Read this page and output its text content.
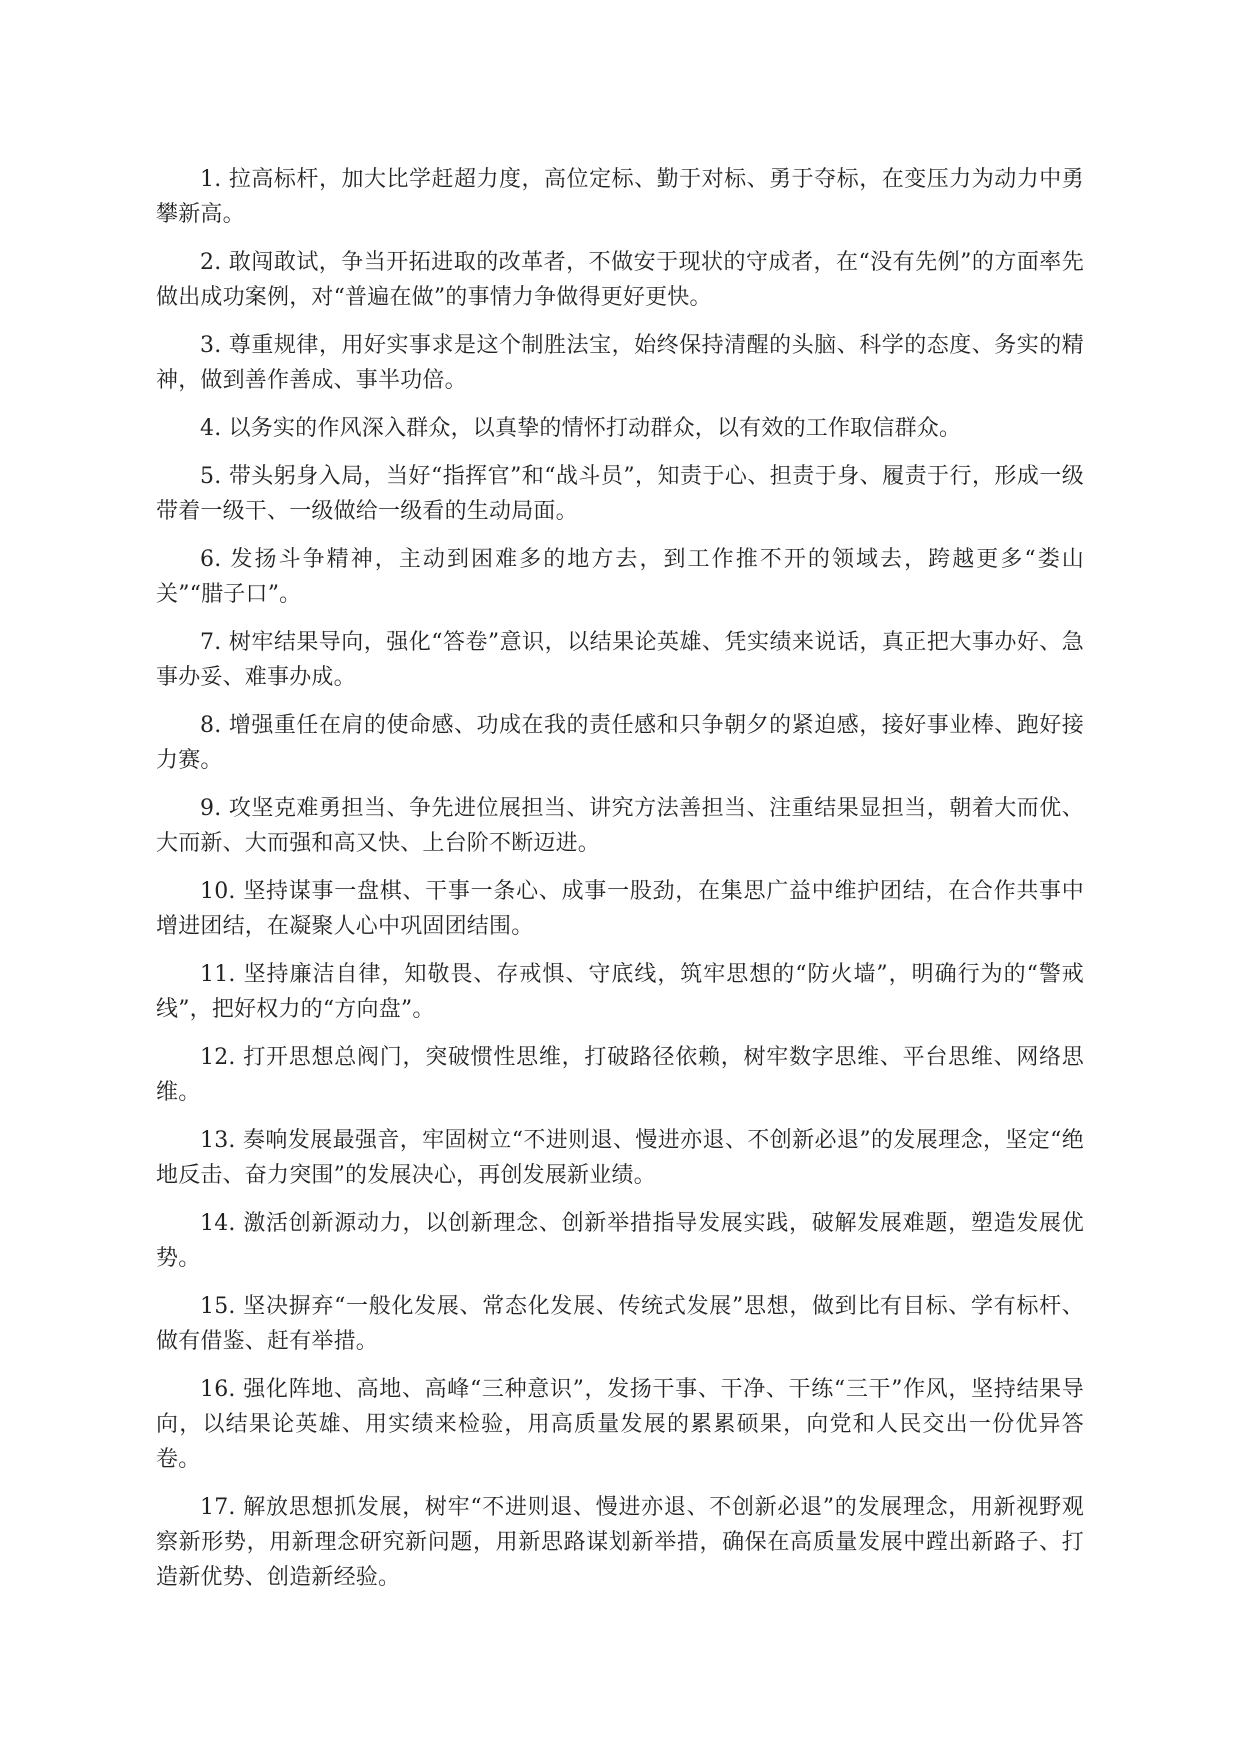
1. 拉高标杆，加大比学赶超力度，高位定标、勤于对标、勇于夺标，在变压力为动力中勇攀新高。

2. 敢闯敢试，争当开拓进取的改革者，不做安于现状的守成者，在“没有先例”的方面率先做出成功案例，对“普遍在做”的事情力争做得更好更快。

3. 尊重规律，用好实事求是这个制胜法宝，始终保持清醒的头脑、科学的态度、务实的精神，做到善作善成、事半功倍。

4. 以务实的作风深入群众，以真挚的情怀打动群众，以有效的工作取信群众。

5. 带头躬身入局，当好“指挥官”和“战斗员”，知责于心、担责于身、履责于行，形成一级带着一级干、一级做给一级看的生动局面。

6. 发扬斗争精神，主动到困难多的地方去，到工作推不开的领域去，跨越更多“娄山关”“腊子口”。

7. 树牢结果导向，强化“答卷”意识，以结果论英雄、凭实绩来说话，真正把大事办好、急事办妥、难事办成。

8. 增强重任在肩的使命感、功成在我的责任感和只争朝夕的紧迫感，接好事业棒、跑好接力赛。

9. 攻坚克难勇担当、争先进位展担当、讲究方法善担当、注重结果显担当，朝着大而优、大而新、大而强和高又快、上台阶不断迈进。

10. 坚持谋事一盘棋、干事一条心、成事一股劲，在集思广益中维护团结，在合作共事中增进团结，在凝聚人心中巩固团结围。

11. 坚持廉洁自律，知敬畏、存戒惧、守底线，筑牢思想的“防火墙”，明确行为的“警戒线”，把好权力的“方向盘”。

12. 打开思想总阀门，突破惯性思维，打破路径依赖，树牢数字思维、平台思维、网络思维。

13. 奏响发展最强音，牢固树立“不进则退、慢进亦退、不创新必退”的发展理念，坚定“绝地反击、奋力突围”的发展决心，再创发展新业绩。

14. 激活创新源动力，以创新理念、创新举措指导发展实践，破解发展难题，塑造发展优势。

15. 坚决摒弃“一般化发展、常态化发展、传统式发展”思想，做到比有目标、学有标杆、做有借鉴、赶有举措。

16. 强化阵地、高地、高峰“三种意识”，发扬干事、干净、干练“三干”作风，坚持结果导向，以结果论英雄、用实绩来检验，用高质量发展的累累硕果，向党和人民交出一份优异答卷。

17. 解放思想抓发展，树牢“不进则退、慢进亦退、不创新必退”的发展理念，用新视野观察新形势，用新理念研究新问题，用新思路谋划新举措，确保在高质量发展中蹚出新路子、打造新优势、创造新经验。
